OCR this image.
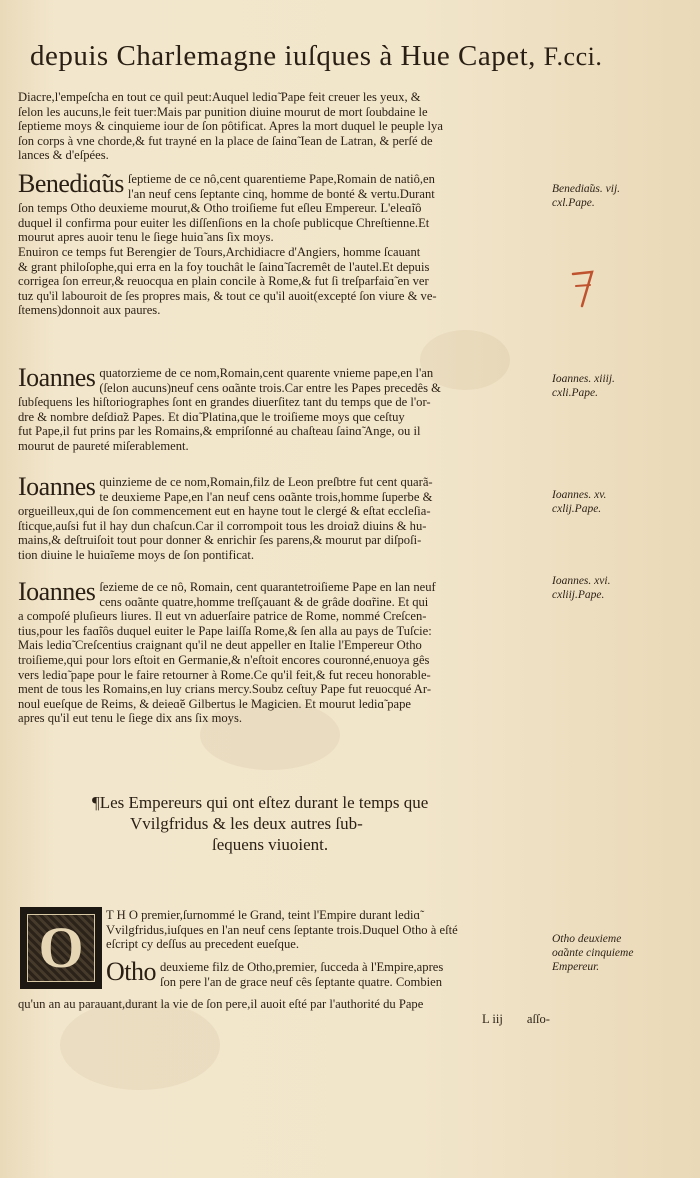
depuis Charlemagne iuſques à Hue Capet, F.cci.
Diacre,l'empeſcha en tout ce quil peut:Auquel lediɑ̃ Pape feit creuer les yeux, &
ſelon les aucuns,le feit tuer:Mais par punition diuine mourut de mort ſoubdaine le
ſeptieme moys & cinquieme iour de ſon pôtificat. Apres la mort duquel le peuple lya
ſon corps à vne chorde,& fut trayné en la place de ſainɑ̃ Iean de Latran, & perſé de
lances & d'eſpées.
Benediɑ̃us ſeptieme de ce nô,cent quarentieme Pape,Romain de natiô,en
l'an neuf cens ſeptante cinq, homme de bonté & vertu.Durant
ſon temps Otho deuxieme mourut,& Otho troiſieme fut eſleu Empereur. L'eleɑ̃iô
duquel il confirma pour euiter les diſſenſions en la choſe publicque Chreſtienne.Et
mourut apres auoir tenu le ſiege huiɑ̃ ans ſix moys.
Enuiron ce temps fut Berengier de Tours,Archidiacre d'Angiers, homme ſcauant
& grant philoſophe,qui erra en la foy touchât le ſainɑ̃ ſacremêt de l'autel.Et depuis
corrigea ſon erreur,& reuocqua en plain concile à Rome,& fut ſi treſparfaiɑ̃ en ver
tuz qu'il labouroit de ſes propres mais, & tout ce qu'il auoit(excepté ſon viure & ve-
ſtemens)donnoit aux paures.
Ioannes quatorzieme de ce nom,Romain,cent quarente vnieme pape,en l'an
(ſelon aucuns)neuf cens oɑ̃ante trois.Car entre les Papes precedês &
ſubſequens les hiſtoriographes ſont en grandes diuerſitez tant du temps que de l'or-
dre & nombre deſdiɑ̃z Papes. Et diɑ̃ Platina,que le troiſieme moys que ceſtuy
fut Pape,il fut prins par les Romains,& empriſonné au chaſteau ſainɑ̃ Ange, ou il
mourut de paureté miſerablement.
Ioannes quinzieme de ce nom,Romain,filz de Leon preſbtre fut cent quarã-
te deuxieme Pape,en l'an neuf cens oɑ̃ante trois,homme ſuperbe &
orgueilleux,qui de ſon commencement eut en hayne tout le clergé & eſtat eccleſia-
ſticque,auſsi fut il hay dun chaſcun.Car il corrompoit tous les droiɑ̃z diuins & hu-
mains,& deſtruiſoit tout pour donner & enrichir ſes parens,& mourut par diſpoſi-
tion diuine le huiɑ̃ieme moys de ſon pontificat.
Ioannes ſezieme de ce nô, Romain, cent quarantetroiſieme Pape en lan neuf
cens oɑ̃ante quatre,homme treſſçauant & de grâde doɑ̃rine. Et qui
a compoſé pluſieurs liures. Il eut vn aduerſaire patrice de Rome, nommé Creſcen-
tius,pour les faɑ̃iôs duquel euiter le Pape laiſſa Rome,& ſen alla au pays de Tuſcie:
Mais lediɑ̃ Creſcentius craignant qu'il ne deut appeller en Italie l'Empereur Otho
troiſieme,qui pour lors eſtoit en Germanie,& n'eſtoit encores couronné,enuoya gês
vers lediɑ̃ pape pour le faire retourner à Rome.Ce qu'il feit,& fut receu honorable-
ment de tous les Romains,en luy crians mercy.Soubz ceſtuy Pape fut reuocqué Ar-
noul eueſque de Reims, & deieɑ̃é Gilbertus le Magicien. Et mourut lediɑ̃ pape
apres qu'il eut tenu le ſiege dix ans ſix moys.
¶Les Empereurs qui ont eſtez durant le temps que
Vvilgfridus & les deux autres ſub-
ſequens viuoient.
O	T H O premier,ſurnommé le Grand, teint l'Empire durant lediɑ̃
Vvilgfridus,iuſques en l'an neuf cens ſeptante trois.Duquel Otho à eſté
eſcript cy deſſus au precedent eueſque.
Otho deuxieme filz de Otho,premier, ſucceda à l'Empire,apres
ſon pere l'an de grace neuf cês ſeptante quatre. Combien
qu'un an au parauant,durant la vie de ſon pere,il auoit eſté par l'authorité du Pape
L iij aſſo-
Benediɑ̃us. vij.
cxl.Pape.
Ioannes. xiiij.
cxli.Pape.
Ioannes. xv.
cxlij.Pape.
Ioannes. xvi.
cxliij.Pape.
Otho deuxieme
oɑ̃ante cinquieme
Empereur.
